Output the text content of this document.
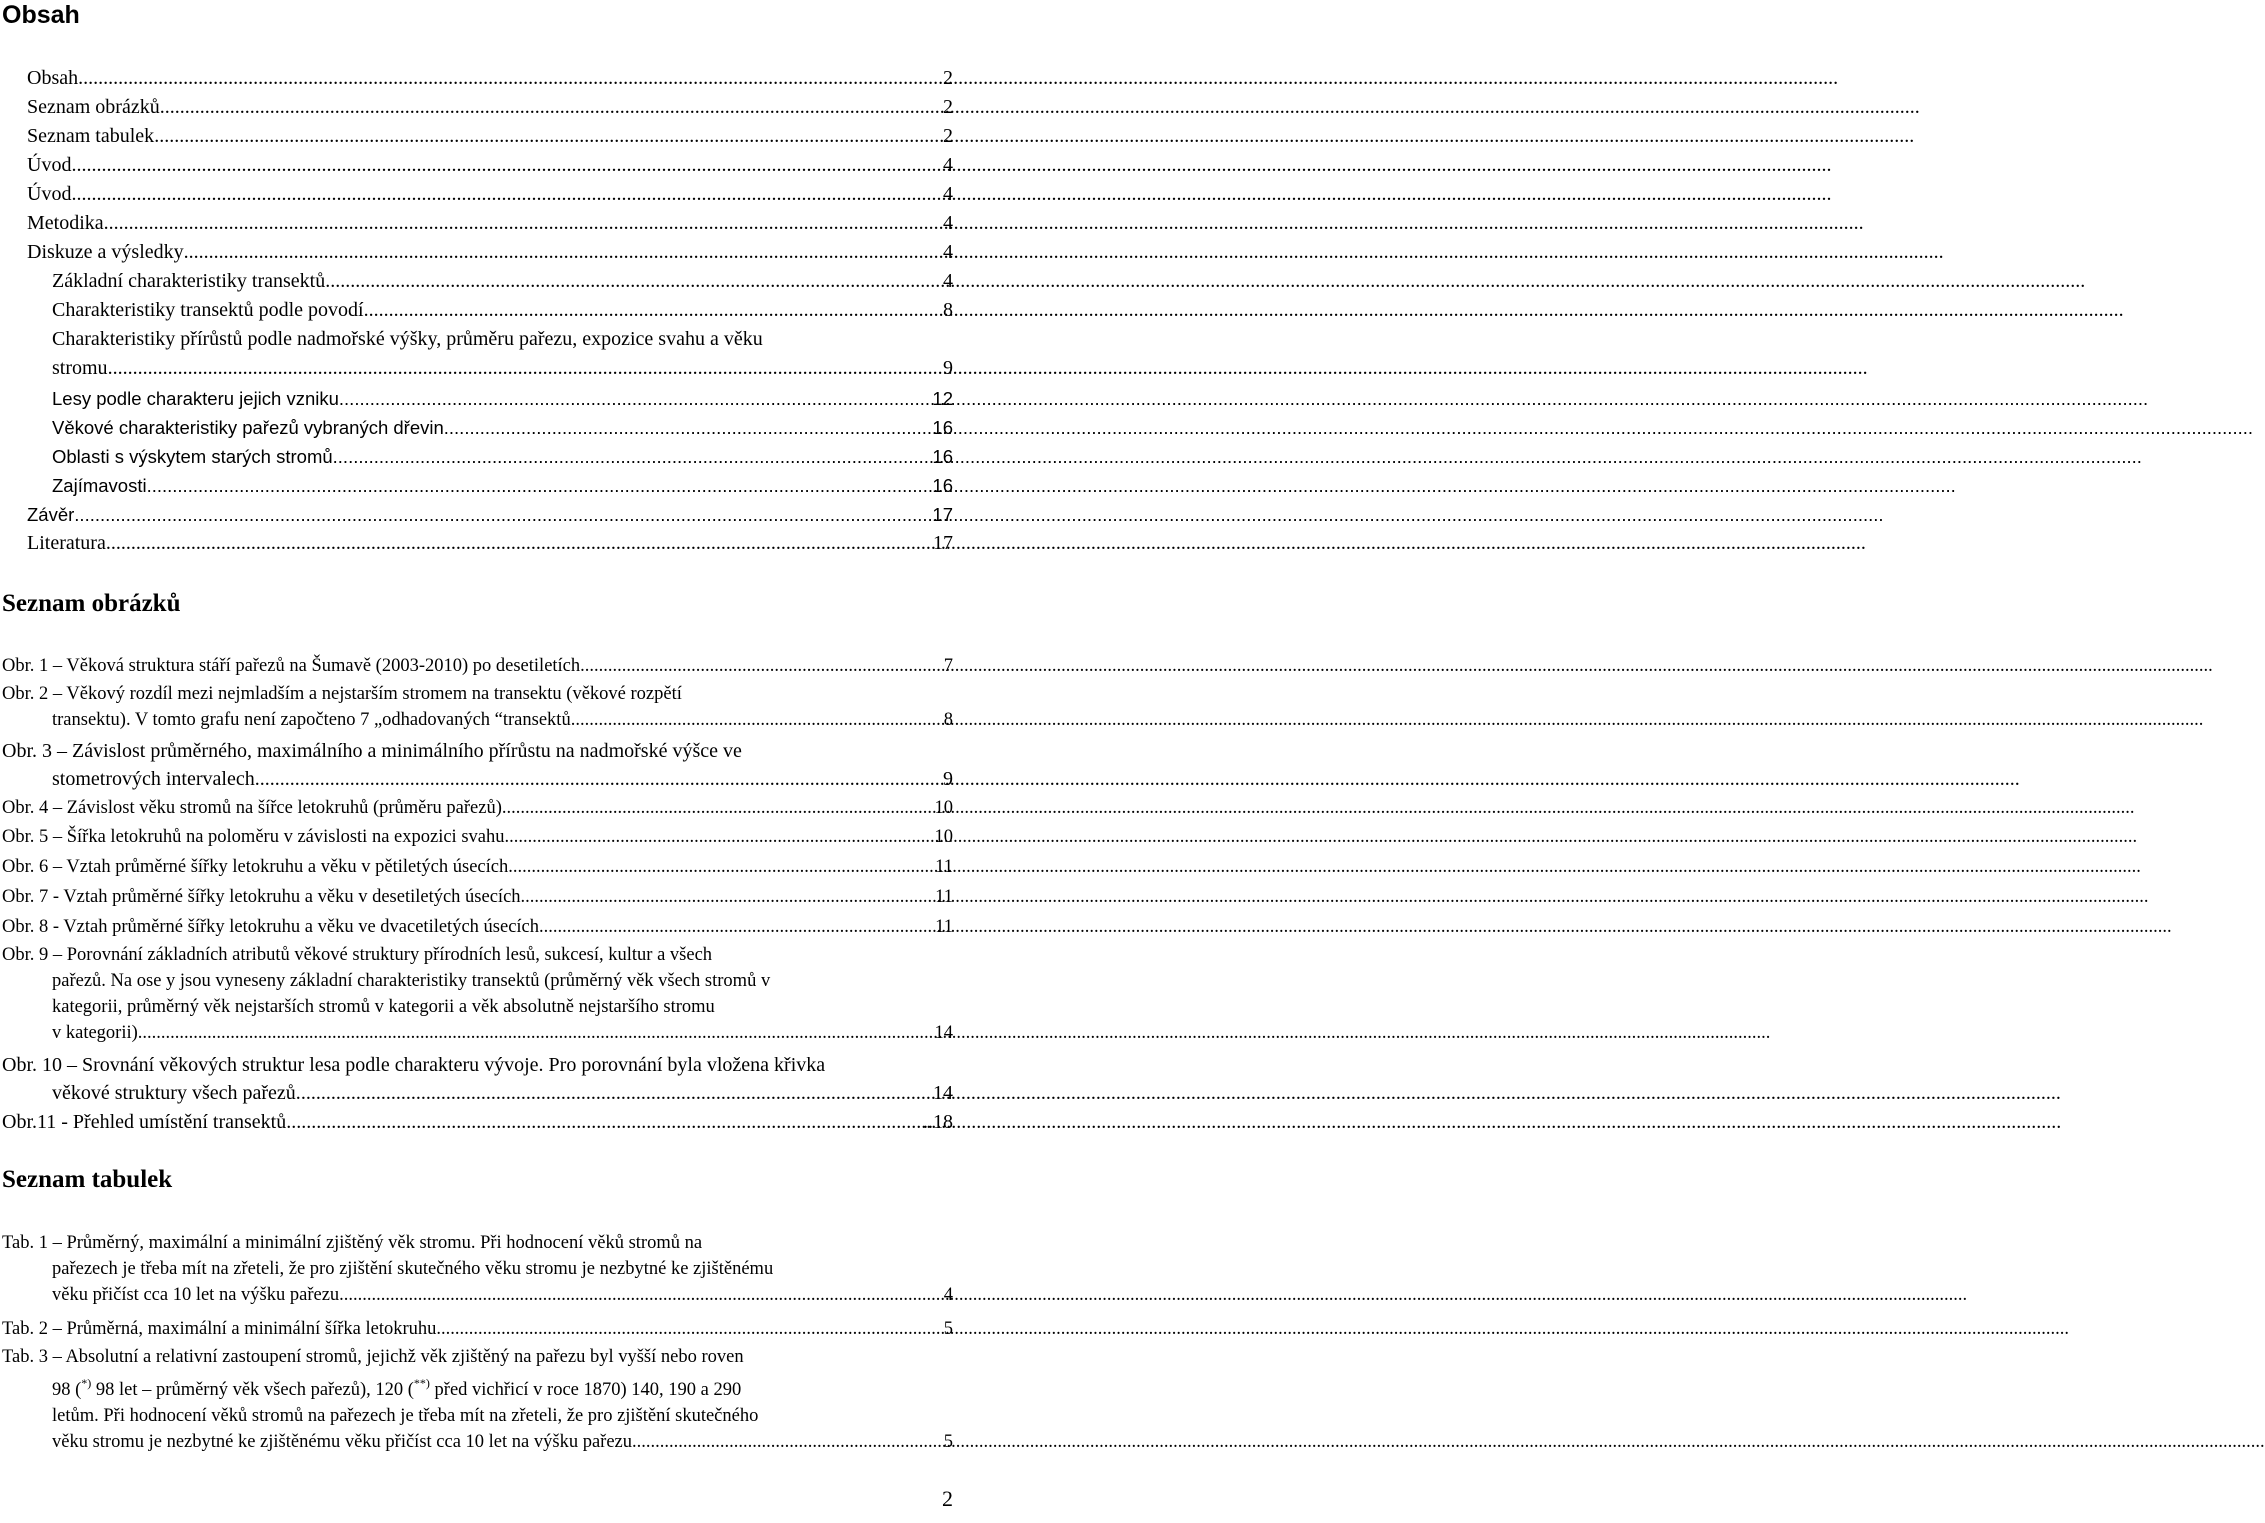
Obsah
Obsah .....	2
Seznam obrázků .....	2
Seznam tabulek .....	2
Úvod .....	4
Úvod .....	4
Metodika .....	4
Diskuze a výsledky .....	4
Základní charakteristiky transektů .....	4
Charakteristiky transektů podle povodí .....	8
Charakteristiky přírůstů podle nadmořské výšky, průměru pařezu, expozice svahu a věku
stromu .....	9
Lesy podle charakteru jejich vzniku .....	12
Věkové charakteristiky pařezů vybraných dřevin .....	16
Oblasti s výskytem starých stromů .....	16
Zajímavosti .....	16
Závěr .....	17
Literatura .....	17
Seznam obrázků
Obr. 1 – Věková struktura stáří pařezů na Šumavě (2003-2010) po desetiletích. .....	7
Obr. 2 – Věkový rozdíl mezi nejmladším a nejstarším stromem na transektu (věkové rozpětí
transektu). V tomto grafu není započteno 7 „odhadovaných “transektů. .....	8
Obr. 3 – Závislost průměrného, maximálního a minimálního přírůstu na nadmořské výšce ve
stometrových intervalech. .....	9
Obr. 4 – Závislost věku stromů na šířce letokruhů (průměru pařezů). .....	10
Obr. 5 – Šířka letokruhů na poloměru v závislosti na expozici svahu. .....	10
Obr. 6 – Vztah průměrné šířky letokruhu a věku v pětiletých úsecích. .....	11
Obr. 7 - Vztah průměrné šířky letokruhu a věku v desetiletých úsecích .....	11
Obr. 8 - Vztah průměrné šířky letokruhu a věku ve dvacetiletých úsecích. .....	11
Obr. 9 – Porovnání základních atributů věkové struktury přírodních lesů, sukcesí, kultur a všech
pařezů. Na ose y jsou vyneseny základní charakteristiky transektů (průměrný věk všech stromů v
kategorii, průměrný věk nejstarších stromů v kategorii a věk absolutně nejstaršího stromu
v kategorii). .....	14
Obr. 10 – Srovnání věkových struktur lesa podle charakteru vývoje. Pro porovnání byla vložena křivka
věkové struktury všech pařezů. .....	14
Obr.11 - Přehled umístění transektů... .....	..18
Seznam tabulek
Tab. 1 – Průměrný, maximální a minimální zjištěný věk stromu. Při hodnocení věků stromů na
pařezech je třeba mít na zřeteli, že pro zjištění skutečného věku stromu je nezbytné ke zjištěnému
věku přičíst cca 10 let na výšku pařezu .....	4
Tab. 2 – Průměrná, maximální a minimální šířka letokruhu. .....	5
Tab. 3 – Absolutní a relativní zastoupení stromů, jejichž věk zjištěný na pařezu byl vyšší nebo roven
98 (*) 98 let – průměrný věk všech pařezů), 120 (**) před vichřicí v roce 1870) 140, 190 a 290
letům. Při hodnocení věků stromů na pařezech je třeba mít na zřeteli, že pro zjištění skutečného
věku stromu je nezbytné ke zjištěnému věku přičíst cca 10 let na výšku pařezu. .....	5

2
